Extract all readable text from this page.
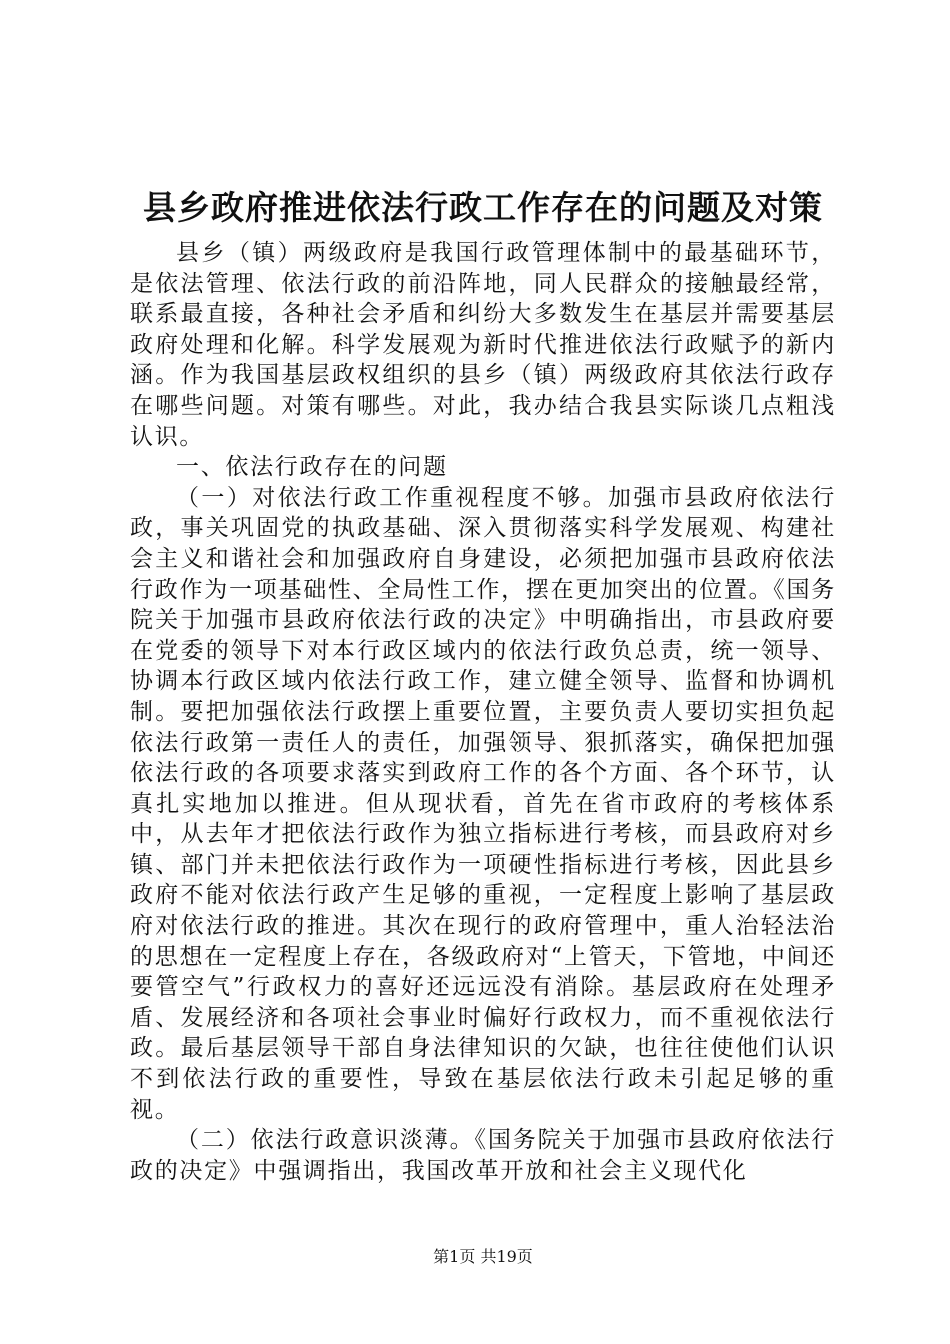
县乡政府推进依法行政工作存在的问题及对策

县乡（镇）两级政府是我国行政管理体制中的最基础环节，是依法管理、依法行政的前沿阵地，同人民群众的接触最经常，联系最直接，各种社会矛盾和纠纷大多数发生在基层并需要基层政府处理和化解。科学发展观为新时代推进依法行政赋予的新内涵。作为我国基层政权组织的县乡（镇）两级政府其依法行政存在哪些问题。对策有哪些。对此，我办结合我县实际谈几点粗浅认识。

一、依法行政存在的问题

（一）对依法行政工作重视程度不够。加强市县政府依法行政，事关巩固党的执政基础、深入贯彻落实科学发展观、构建社会主义和谐社会和加强政府自身建设，必须把加强市县政府依法行政作为一项基础性、全局性工作，摆在更加突出的位置。《国务院关于加强市县政府依法行政的决定》中明确指出，市县政府要在党委的领导下对本行政区域内的依法行政负总责，统一领导、协调本行政区域内依法行政工作，建立健全领导、监督和协调机制。要把加强依法行政摆上重要位置，主要负责人要切实担负起依法行政第一责任人的责任，加强领导、狠抓落实，确保把加强依法行政的各项要求落实到政府工作的各个方面、各个环节，认真扎实地加以推进。但从现状看，首先在省市政府的考核体系中，从去年才把依法行政作为独立指标进行考核，而县政府对乡镇、部门并未把依法行政作为一项硬性指标进行考核，因此县乡政府不能对依法行政产生足够的重视，一定程度上影响了基层政府对依法行政的推进。其次在现行的政府管理中，重人治轻法治的思想在一定程度上存在，各级政府对“上管天，下管地，中间还要管空气”行政权力的喜好还远远没有消除。基层政府在处理矛盾、发展经济和各项社会事业时偏好行政权力，而不重视依法行政。最后基层领导干部自身法律知识的欠缺，也往往使他们认识不到依法行政的重要性，导致在基层依法行政未引起足够的重视。

（二）依法行政意识淡薄。《国务院关于加强市县政府依法行政的决定》中强调指出，我国改革开放和社会主义现代化

第1页 共19页
